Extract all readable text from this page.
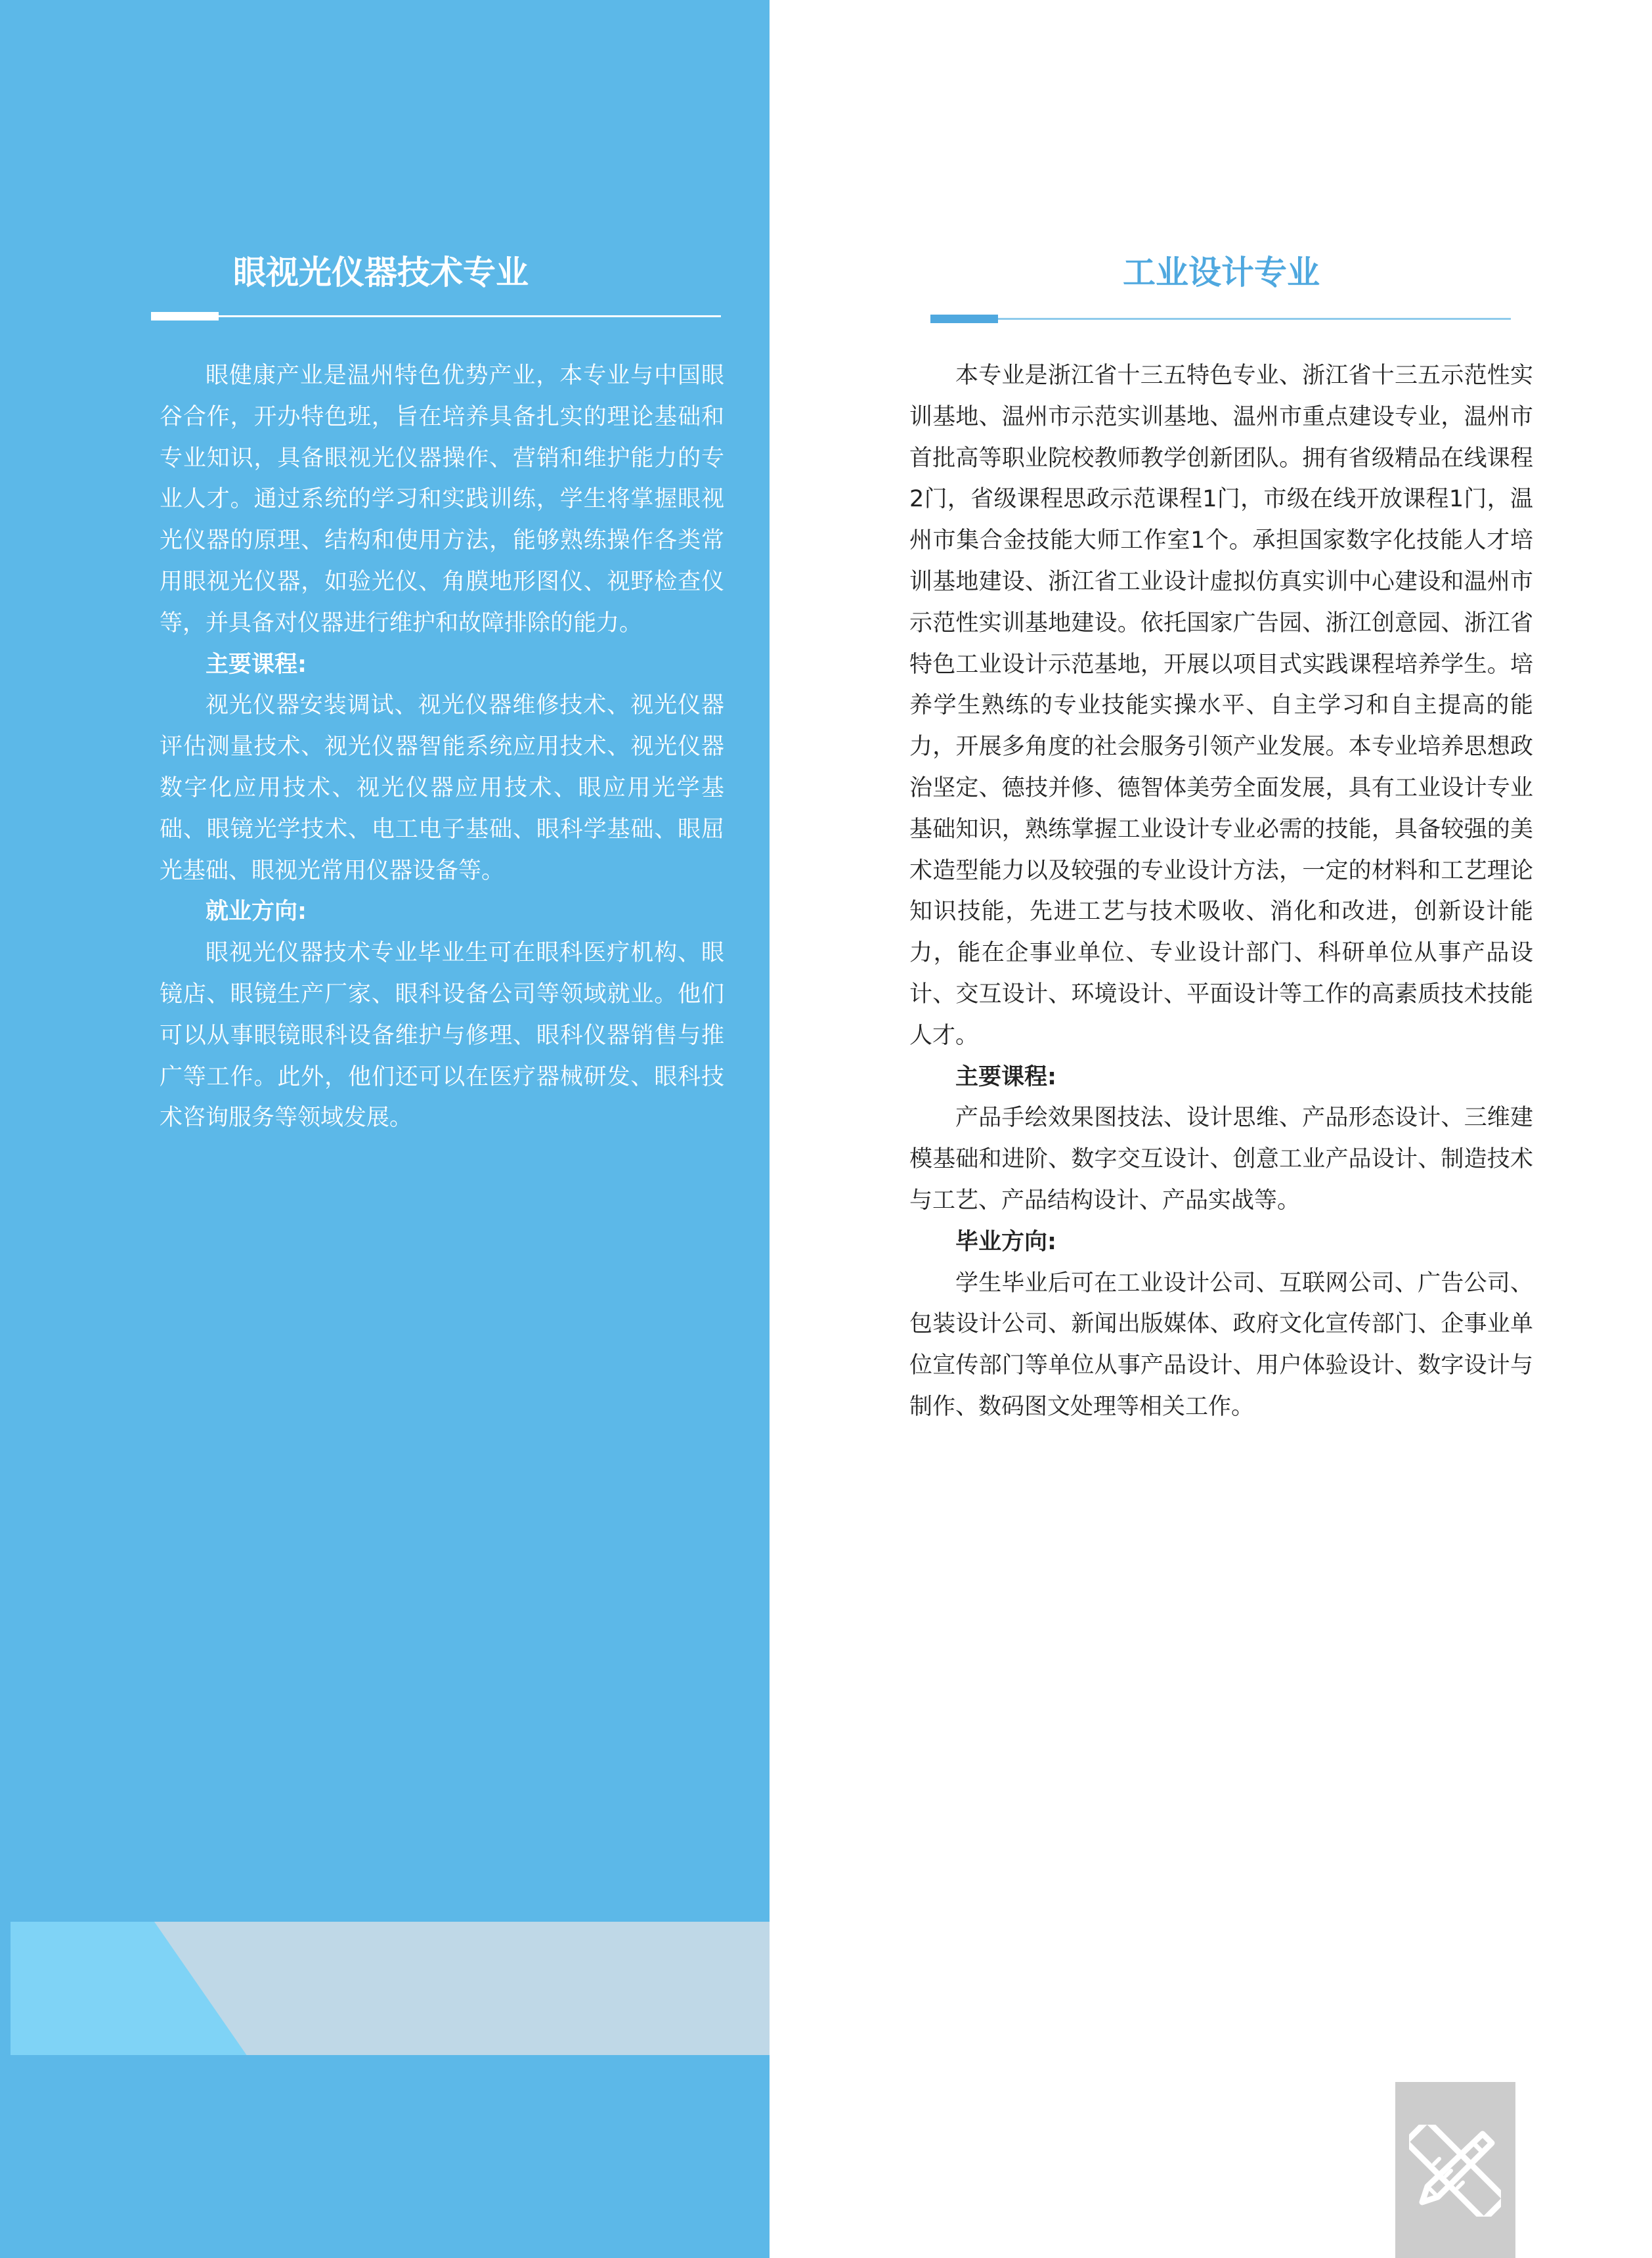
眼视光仪器技术专业

眼健康产业是温州特色优势产业，本专业与中国眼谷合作，开办特色班，旨在培养具备扎实的理论基础和专业知识，具备眼视光仪器操作、营销和维护能力的专业人才。通过系统的学习和实践训练，学生将掌握眼视光仪器的原理、结构和使用方法，能够熟练操作各类常用眼视光仪器，如验光仪、角膜地形图仪、视野检查仪等，并具备对仪器进行维护和故障排除的能力。

主要课程:

视光仪器安装调试、视光仪器维修技术、视光仪器评估测量技术、视光仪器智能系统应用技术、视光仪器数字化应用技术、视光仪器应用技术、眼应用光学基础、眼镜光学技术、电工电子基础、眼科学基础、眼屈光基础、眼视光常用仪器设备等。

就业方向:

眼视光仪器技术专业毕业生可在眼科医疗机构、眼镜店、眼镜生产厂家、眼科设备公司等领域就业。他们可以从事眼镜眼科设备维护与修理、眼科仪器销售与推广等工作。此外，他们还可以在医疗器械研发、眼科技术咨询服务等领域发展。

工业设计专业

本专业是浙江省十三五特色专业、浙江省十三五示范性实训基地、温州市示范实训基地、温州市重点建设专业，温州市首批高等职业院校教师教学创新团队。拥有省级精品在线课程2门，省级课程思政示范课程1门，市级在线开放课程1门，温州市集合金技能大师工作室1个。承担国家数字化技能人才培训基地建设、浙江省工业设计虚拟仿真实训中心建设和温州市示范性实训基地建设。依托国家广告园、浙江创意园、浙江省特色工业设计示范基地，开展以项目式实践课程培养学生。培养学生熟练的专业技能实操水平、自主学习和自主提高的能力，开展多角度的社会服务引领产业发展。本专业培养思想政治坚定、德技并修、德智体美劳全面发展，具有工业设计专业基础知识，熟练掌握工业设计专业必需的技能，具备较强的美术造型能力以及较强的专业设计方法，一定的材料和工艺理论知识技能，先进工艺与技术吸收、消化和改进，创新设计能力，能在企事业单位、专业设计部门、科研单位从事产品设计、交互设计、环境设计、平面设计等工作的高素质技术技能人才。

主要课程:

产品手绘效果图技法、设计思维、产品形态设计、三维建模基础和进阶、数字交互设计、创意工业产品设计、制造技术与工艺、产品结构设计、产品实战等。

毕业方向:

学生毕业后可在工业设计公司、互联网公司、广告公司、包装设计公司、新闻出版媒体、政府文化宣传部门、企事业单位宣传部门等单位从事产品设计、用户体验设计、数字设计与制作、数码图文处理等相关工作。
